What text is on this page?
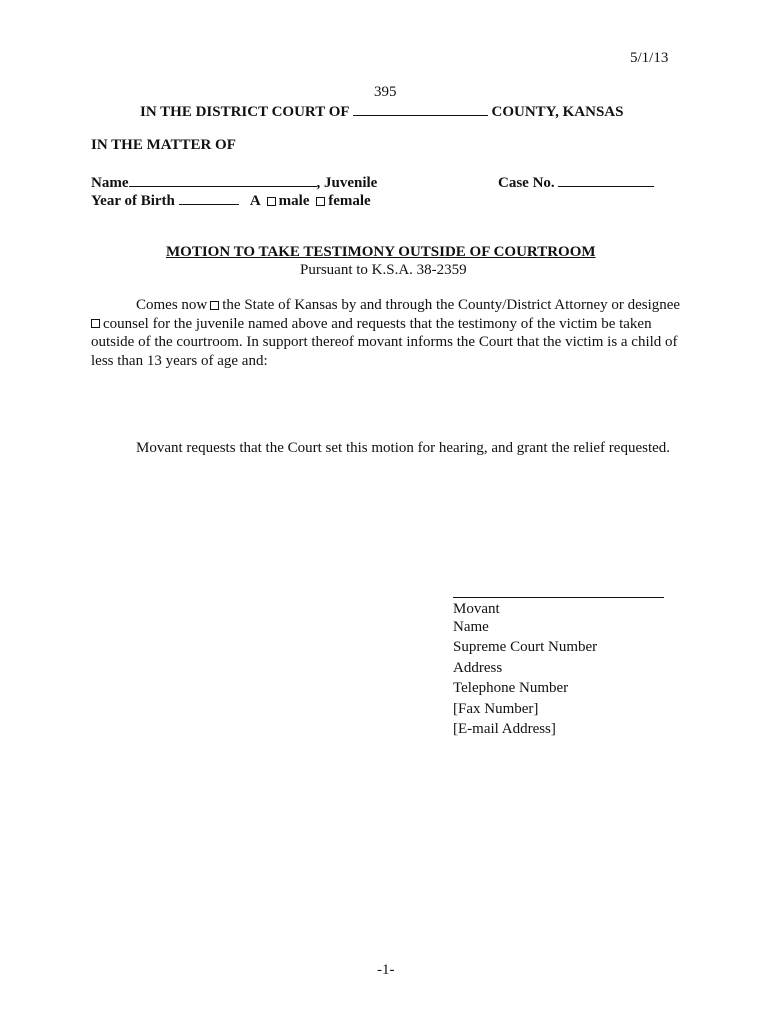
5/1/13
395
IN THE DISTRICT COURT OF	COUNTY, KANSAS
IN THE MATTER OF
Name	, Juvenile	Case No.
Year of Birth	A male female
MOTION TO TAKE TESTIMONY OUTSIDE OF COURTROOM
Pursuant to K.S.A. 38-2359
Comes now the State of Kansas by and through the County/District Attorney or designee
counsel for the juvenile named above and requests that the testimony of the victim be taken
outside of the courtroom. In support thereof movant informs the Court that the victim is a child of
less than 13 years of age and:
Movant requests that the Court set this motion for hearing, and grant the relief requested.
Movant
Name
Supreme Court Number
Address
Telephone Number
[Fax Number]
[E-mail Address]
-1-
